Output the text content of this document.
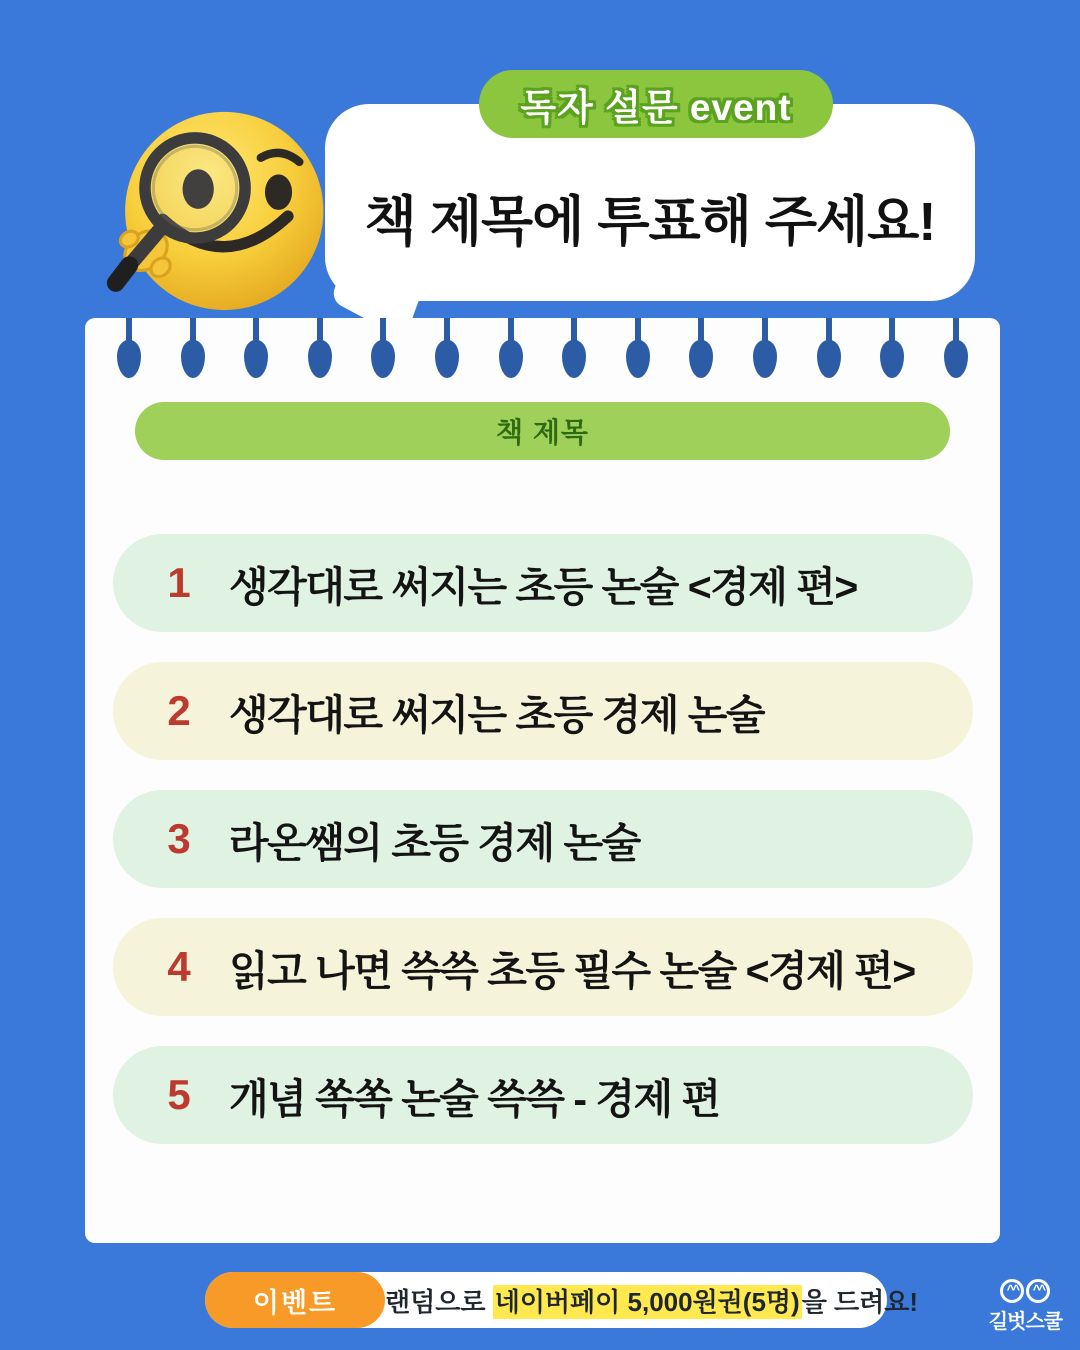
독자 설문 event
책 제목에 투표해 주세요!
책 제목
1 생각대로 써지는 초등 논술 <경제 편>
2 생각대로 써지는 초등 경제 논술
3 라온쌤의 초등 경제 논술
4 읽고 나면 쓱쓱 초등 필수 논술 <경제 편>
5 개념 쏙쏙 논술 쓱쓱 - 경제 편
이벤트 랜덤으로 네이버페이 5,000원권(5명)을 드려요!	^^	^^
길벗스쿨
